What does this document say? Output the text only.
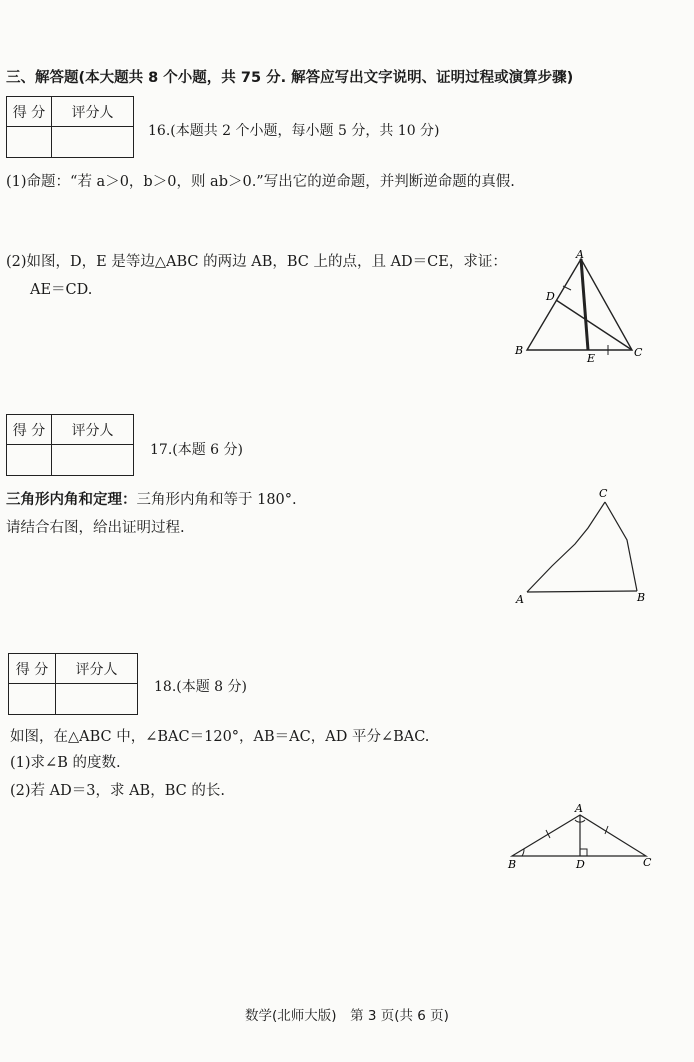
三、解答题(本大题共 8 个小题，共 75 分. 解答应写出文字说明、证明过程或演算步骤)
得 分	评分人

16.(本题共 2 个小题，每小题 5 分，共 10 分)
(1)命题：“若 a＞0，b＞0，则 ab＞0.”写出它的逆命题，并判断逆命题的真假.
(2)如图，D，E 是等边△ABC 的两边 AB，BC 上的点，且 AD＝CE，求证：
AE＝CD.
A
D
B
E	C
得 分	评分人

17.(本题 6 分)
三角形内角和定理：三角形内角和等于 180°.
请结合右图，给出证明过程.
C
A	B
得 分	评分人

18.(本题 8 分)
如图，在△ABC 中，∠BAC＝120°，AB＝AC，AD 平分∠BAC.
(1)求∠B 的度数.
(2)若 AD＝3，求 AB，BC 的长.
A
B	D	C
数学(北师大版)　第 3 页(共 6 页)
